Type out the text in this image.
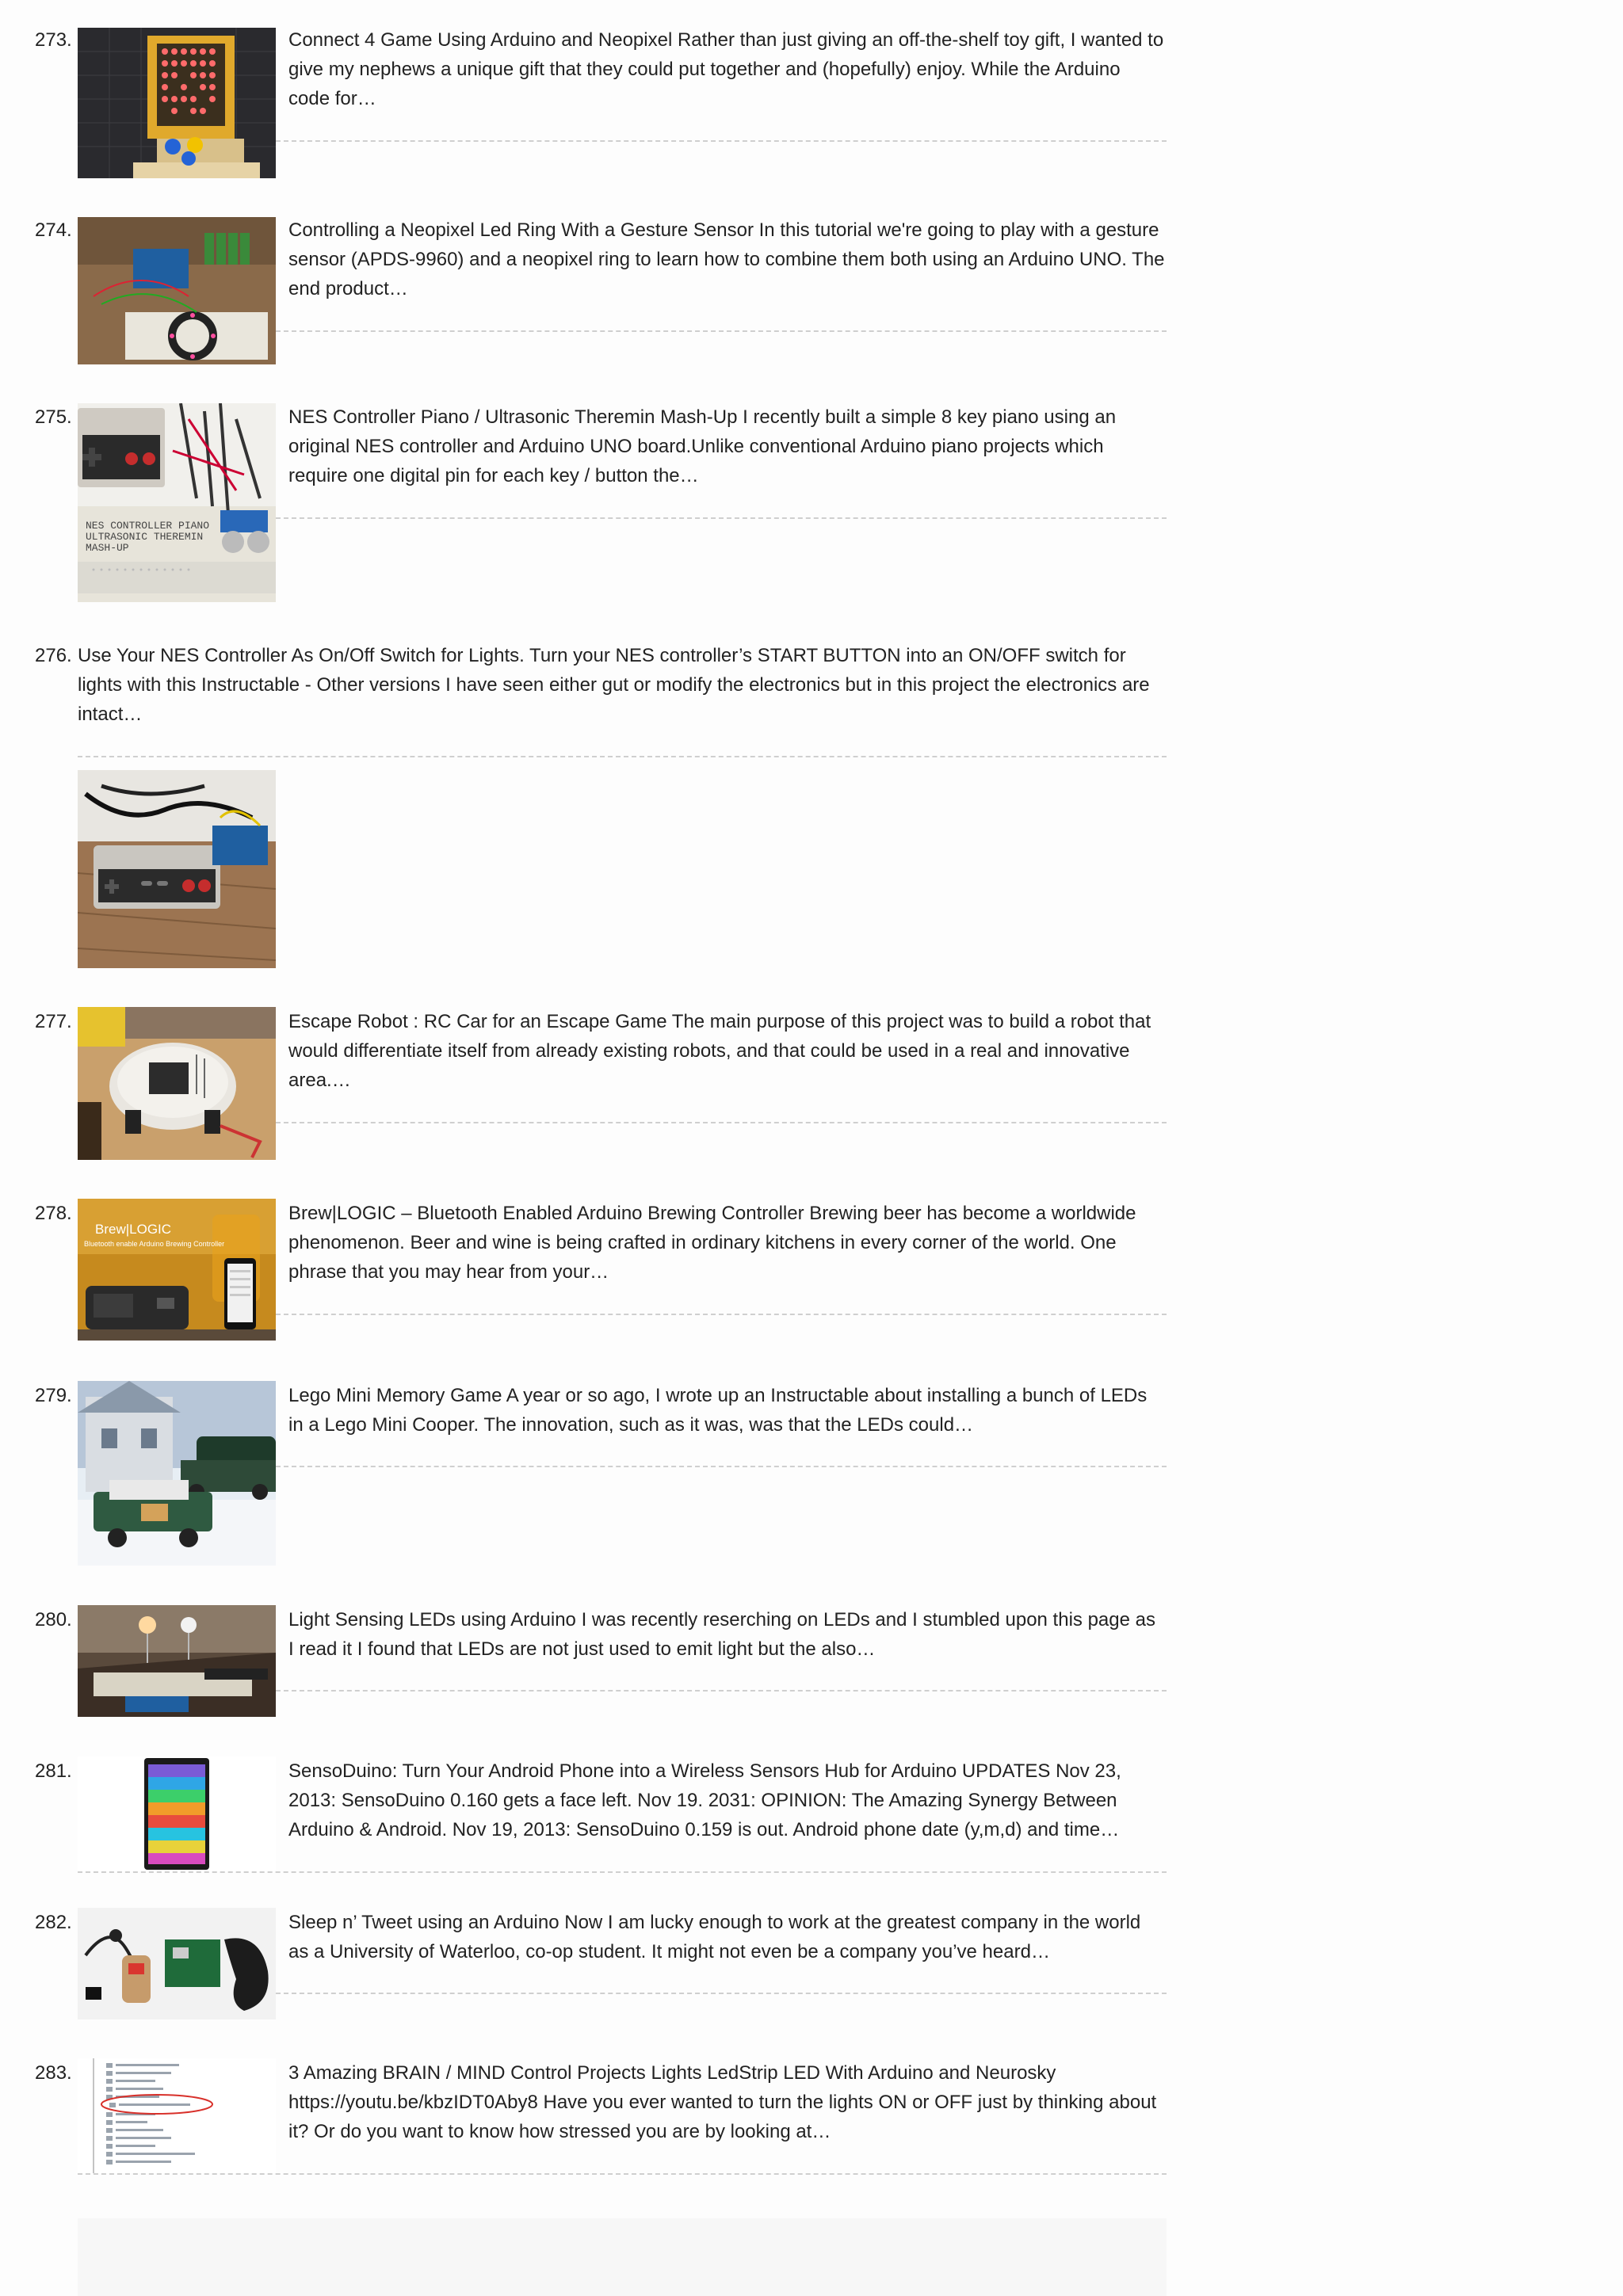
273.	Connect 4 Game Using Arduino and Neopixel Rather than just giving an off-the-shelf toy gift, I wanted to give my nephews a unique gift that they could put together and (hopefully) enjoy. While the Arduino code for…

274.	Controlling a Neopixel Led Ring With a Gesture Sensor In this tutorial we're going to play with a gesture sensor (APDS-9960) and a neopixel ring to learn how to combine them both using an Arduino UNO. The end product…

275.
NES CONTROLLER PIANO
ULTRASONIC THEREMIN
MASH-UP

NES Controller Piano / Ultrasonic Theremin Mash-Up I recently built a simple 8 key piano using an original NES controller and Arduino UNO board.Unlike conventional Arduino piano projects which require one digital pin for each key / button the…

276. Use Your NES Controller As On/Off Switch for Lights. Turn your NES controller’s START BUTTON into an ON/OFF switch for lights with this Instructable - Other versions I have seen either gut or modify the electronics but in this project the electronics are intact…

277.	Escape Robot : RC Car for an Escape Game The main purpose of this project was to build a robot that would differentiate itself from already existing robots, and that could be used in a real and innovative area.…

278.
Brew|LOGIC
Bluetooth enable Arduino Brewing Controller

Brew|LOGIC – Bluetooth Enabled Arduino Brewing Controller Brewing beer has become a worldwide phenomenon. Beer and wine is being crafted in ordinary kitchens in every corner of the world. One phrase that you may hear from your…

279.	Lego Mini Memory Game A year or so ago, I wrote up an Instructable about installing a bunch of LEDs in a Lego Mini Cooper. The innovation, such as it was, was that the LEDs could…

280.	Light Sensing LEDs using Arduino I was recently reserching on LEDs and I stumbled upon this page as I read it I found that LEDs are not just used to emit light but the also…

281.	SensoDuino: Turn Your Android Phone into a Wireless Sensors Hub for Arduino UPDATES Nov 23, 2013: SensoDuino 0.160 gets a face left. Nov 19. 2031: OPINION: The Amazing Synergy Between Arduino & Android. Nov 19, 2013: SensoDuino 0.159 is out. Android phone date (y,m,d) and time…

282.	Sleep n’ Tweet using an Arduino Now I am lucky enough to work at the greatest company in the world as a University of Waterloo, co-op student. It might not even be a company you’ve heard…

283.	3 Amazing BRAIN / MIND Control Projects Lights LedStrip LED With Arduino and Neurosky https://youtu.be/kbzIDT0Aby8 Have you ever wanted to turn the lights ON or OFF just by thinking about it? Or do you want to know how stressed you are by looking at…
